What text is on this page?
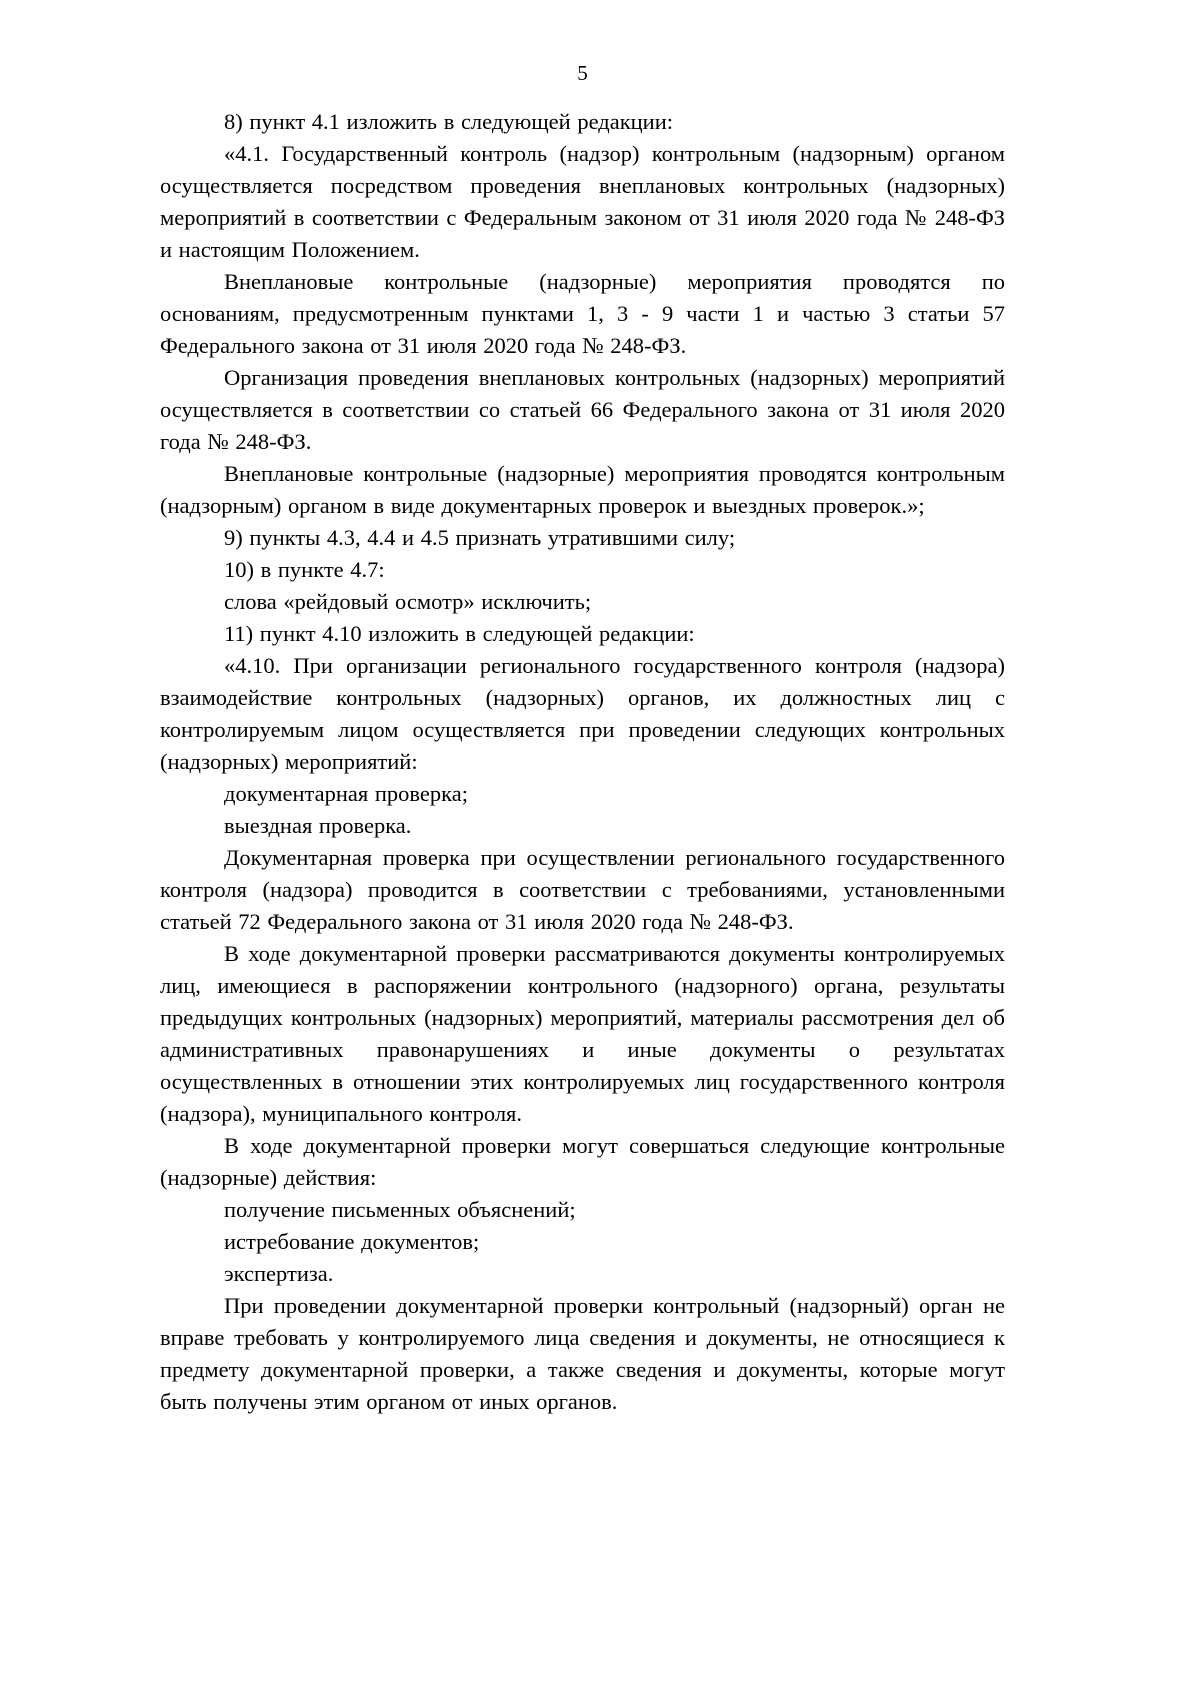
5

8) пункт 4.1 изложить в следующей редакции:

«4.1. Государственный контроль (надзор) контрольным (надзорным) органом осуществляется посредством проведения внеплановых контрольных (надзорных) мероприятий в соответствии с Федеральным законом от 31 июля 2020 года № 248-ФЗ и настоящим Положением.

Внеплановые контрольные (надзорные) мероприятия проводятся по основаниям, предусмотренным пунктами 1, 3 - 9 части 1 и частью 3 статьи 57 Федерального закона от 31 июля 2020 года № 248-ФЗ.

Организация проведения внеплановых контрольных (надзорных) мероприятий осуществляется в соответствии со статьей 66 Федерального закона от 31 июля 2020 года № 248-ФЗ.

Внеплановые контрольные (надзорные) мероприятия проводятся контрольным (надзорным) органом в виде документарных проверок и выездных проверок.»;

9) пункты 4.3, 4.4 и 4.5 признать утратившими силу;

10) в пункте 4.7:

слова «рейдовый осмотр» исключить;

11) пункт 4.10 изложить в следующей редакции:

«4.10. При организации регионального государственного контроля (надзора) взаимодействие контрольных (надзорных) органов, их должностных лиц с контролируемым лицом осуществляется при проведении следующих контрольных (надзорных) мероприятий:

документарная проверка;

выездная проверка.

Документарная проверка при осуществлении регионального государственного контроля (надзора) проводится в соответствии с требованиями, установленными статьей 72 Федерального закона от 31 июля 2020 года № 248-ФЗ.

В ходе документарной проверки рассматриваются документы контролируемых лиц, имеющиеся в распоряжении контрольного (надзорного) органа, результаты предыдущих контрольных (надзорных) мероприятий, материалы рассмотрения дел об административных правонарушениях и иные документы о результатах осуществленных в отношении этих контролируемых лиц государственного контроля (надзора), муниципального контроля.

В ходе документарной проверки могут совершаться следующие контрольные (надзорные) действия:

получение письменных объяснений;

истребование документов;

экспертиза.

При проведении документарной проверки контрольный (надзорный) орган не вправе требовать у контролируемого лица сведения и документы, не относящиеся к предмету документарной проверки, а также сведения и документы, которые могут быть получены этим органом от иных органов.
